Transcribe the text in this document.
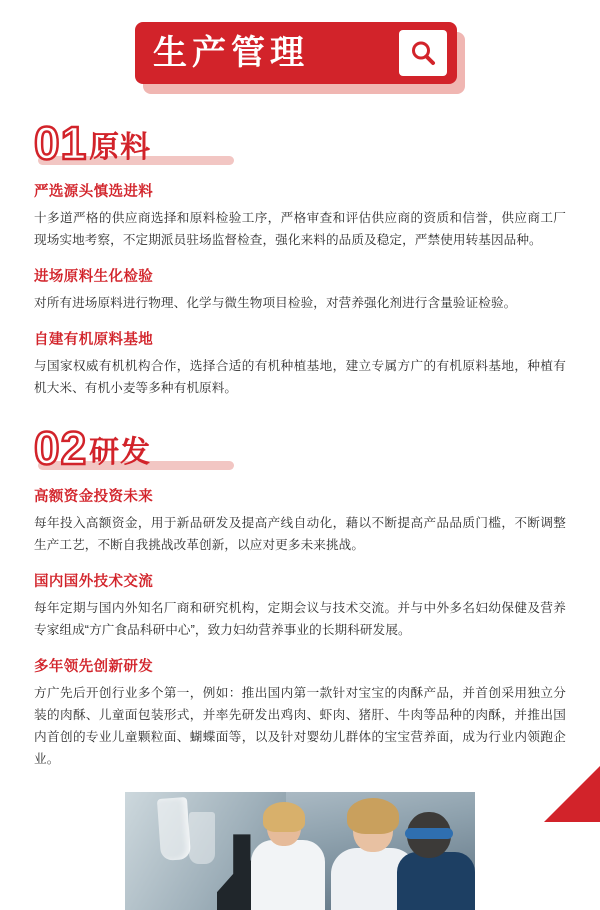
生产管理
01 原料
严选源头慎选进料
十多道严格的供应商选择和原料检验工序，严格审查和评估供应商的资质和信誉，供应商工厂现场实地考察，不定期派员驻场监督检查，强化来料的品质及稳定，严禁使用转基因品种。
进场原料生化检验
对所有进场原料进行物理、化学与微生物项目检验，对营养强化剂进行含量验证检验。
自建有机原料基地
与国家权威有机机构合作，选择合适的有机种植基地，建立专属方广的有机原料基地，种植有机大米、有机小麦等多种有机原料。
02 研发
高额资金投资未来
每年投入高额资金，用于新品研发及提高产线自动化，藉以不断提高产品品质门槛，不断调整生产工艺，不断自我挑战改革创新，以应对更多未来挑战。
国内国外技术交流
每年定期与国内外知名厂商和研究机构，定期会议与技术交流。并与中外多名妇幼保健及营养专家组成“方广食品科研中心”，致力妇幼营养事业的长期科研发展。
多年领先创新研发
方广先后开创行业多个第一，例如：推出国内第一款针对宝宝的肉酥产品，并首创采用独立分装的肉酥、儿童面包装形式，并率先研发出鸡肉、虾肉、猪肝、牛肉等品种的肉酥，并推出国内首创的专业儿童颗粒面、蝴蝶面等，以及针对婴幼儿群体的宝宝营养面，成为行业内领跑企业。
